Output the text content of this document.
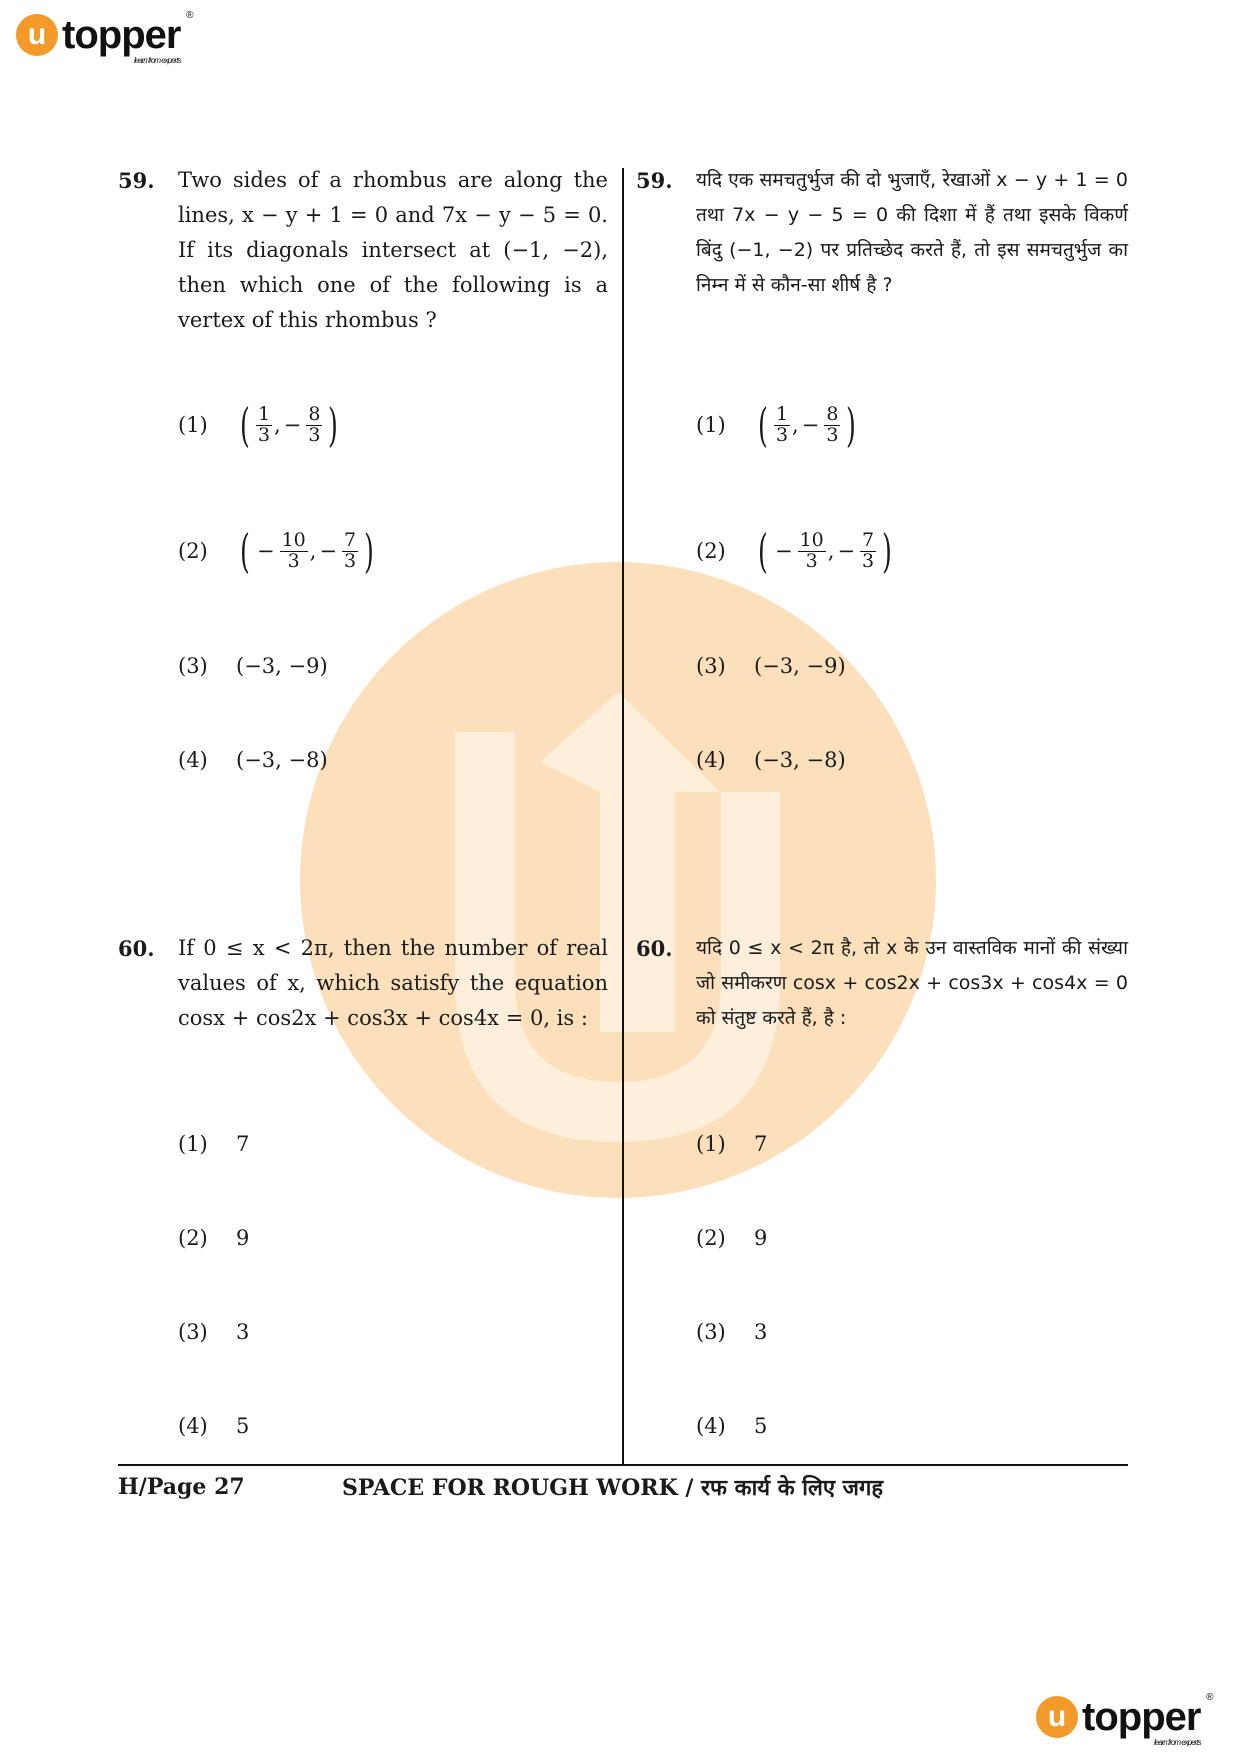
u topper ®
learn from experts
59. Two sides of a rhombus are along the lines, x − y + 1 = 0 and 7x − y − 5 = 0. If its diagonals intersect at (−1, −2), then which one of the following is a vertex of this rhombus ?
59. यदि एक समचतुर्भुज की दो भुजाएँ, रेखाओं x − y + 1 = 0 तथा 7x − y − 5 = 0 की दिशा में हैं तथा इसके विकर्ण बिंदु (−1, −2) पर प्रतिच्छेद करते हैं, तो इस समचतुर्भुज का निम्न में से कौन-सा शीर्ष है ?
(1) ( $\frac{1}{3}$ , − $\frac{8}{3}$ )
(2) ( − $\frac{10}{3}$ , − $\frac{7}{3}$ )
(3)	(−3, −9)
(4)	(−3, −8)
(1) ( $\frac{1}{3}$ , − $\frac{8}{3}$ )
(2) ( − $\frac{10}{3}$ , − $\frac{7}{3}$ )
(3)	(−3, −9)
(4)	(−3, −8)
60. If 0 ≤ x < 2π, then the number of real values of x, which satisfy the equation cosx + cos2x + cos3x + cos4x = 0, is :
60. यदि 0 ≤ x < 2π है, तो x के उन वास्तविक मानों की संख्या जो समीकरण cosx + cos2x + cos3x + cos4x = 0 को संतुष्ट करते हैं, है :
(1)	7
(2)	9
(3)	3
(4)	5
(1)	7
(2)	9
(3)	3
(4)	5
H/Page 27	SPACE FOR ROUGH WORK / रफ कार्य के लिए जगह
u topper ®
learn from experts
